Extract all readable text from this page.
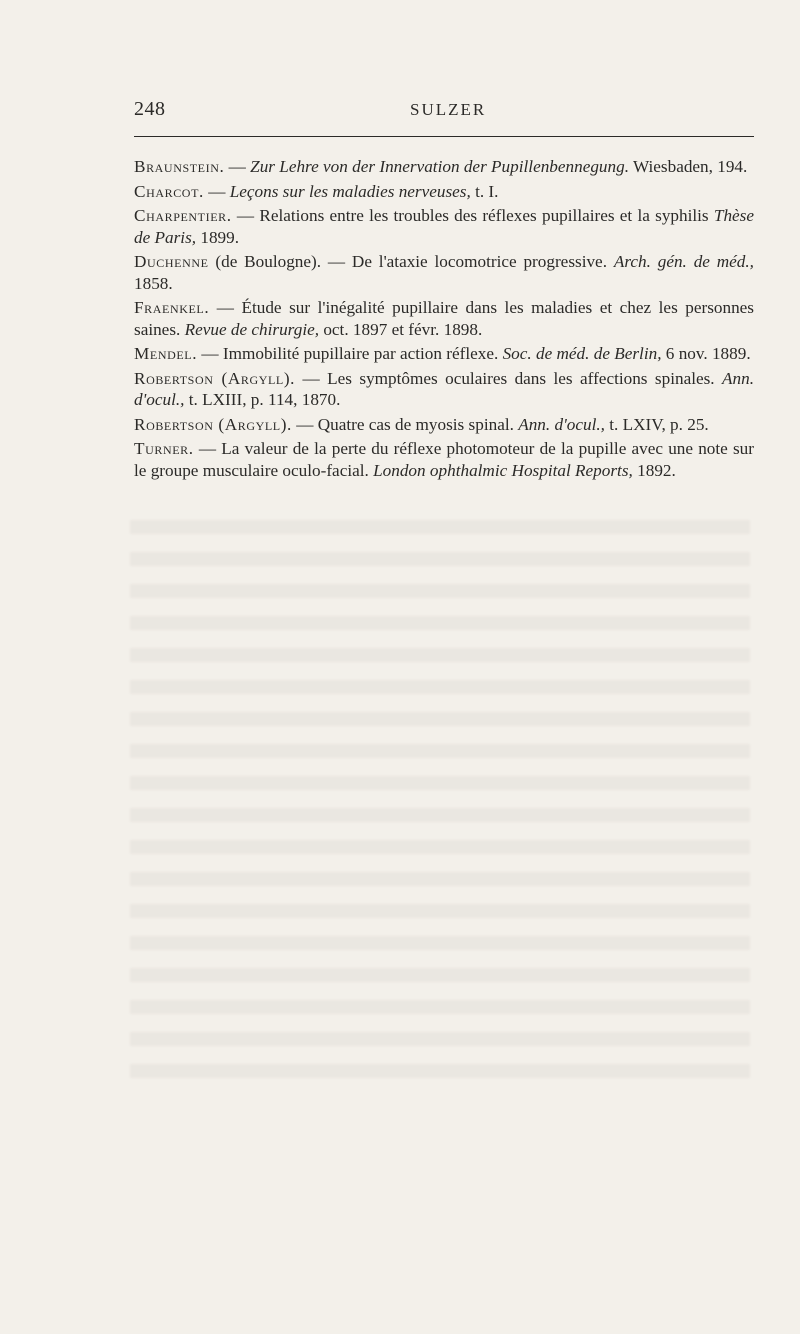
248	SULZER

Braunstein. — Zur Lehre von der Innervation der Pupillenbennegung. Wiesbaden, 194.

Charcot. — Leçons sur les maladies nerveuses, t. I.

Charpentier. — Relations entre les troubles des réflexes pupillaires et la syphilis Thèse de Paris, 1899.

Duchenne (de Boulogne). — De l'ataxie locomotrice progressive. Arch. gén. de méd., 1858.

Fraenkel. — Étude sur l'inégalité pupillaire dans les maladies et chez les personnes saines. Revue de chirurgie, oct. 1897 et févr. 1898.

Mendel. — Immobilité pupillaire par action réflexe. Soc. de méd. de Berlin, 6 nov. 1889.

Robertson (Argyll). — Les symptômes oculaires dans les affections spinales. Ann. d'ocul., t. LXIII, p. 114, 1870.

Robertson (Argyll). — Quatre cas de myosis spinal. Ann. d'ocul., t. LXIV, p. 25.

Turner. — La valeur de la perte du réflexe photomoteur de la pupille avec une note sur le groupe musculaire oculo-facial. London ophthalmic Hospital Reports, 1892.
